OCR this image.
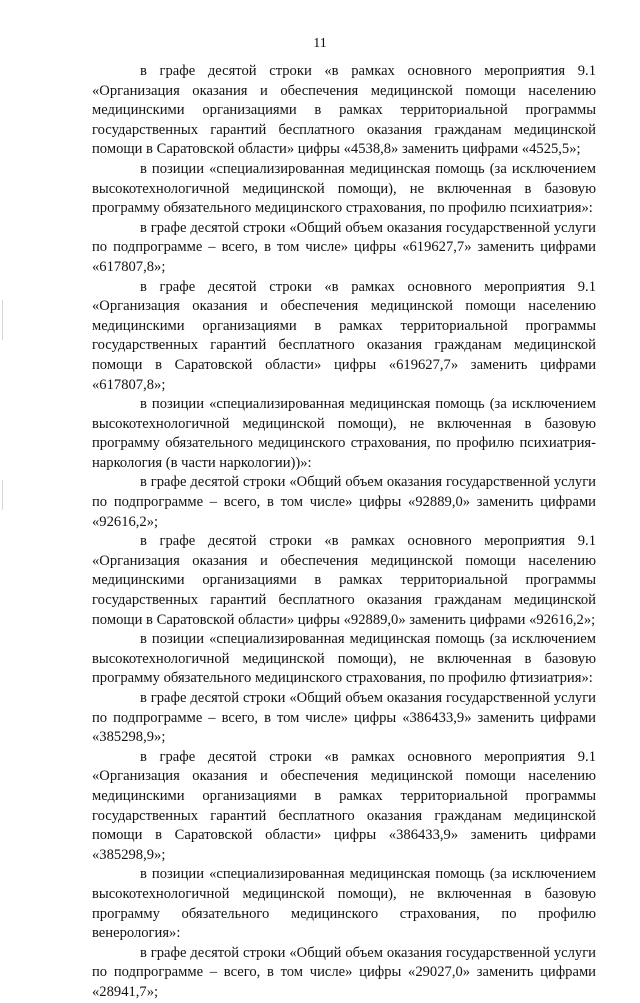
11

в графе десятой строки «в рамках основного мероприятия 9.1 «Организация оказания и обеспечения медицинской помощи населению медицинскими организациями в рамках территориальной программы государственных гарантий бесплатного оказания гражданам медицинской помощи в Саратовской области» цифры «4538,8» заменить цифрами «4525,5»;

в позиции «специализированная медицинская помощь (за исключением высокотехнологичной медицинской помощи), не включенная в базовую программу обязательного медицинского страхования, по профилю психиатрия»:

в графе десятой строки «Общий объем оказания государственной услуги по подпрограмме – всего, в том числе» цифры «619627,7» заменить цифрами «617807,8»;

в графе десятой строки «в рамках основного мероприятия 9.1 «Организация оказания и обеспечения медицинской помощи населению медицинскими организациями в рамках территориальной программы государственных гарантий бесплатного оказания гражданам медицинской помощи в Саратовской области» цифры «619627,7» заменить цифрами «617807,8»;

в позиции «специализированная медицинская помощь (за исключением высокотехнологичной медицинской помощи), не включенная в базовую программу обязательного медицинского страхования, по профилю психиатрия-наркология (в части наркологии))»:

в графе десятой строки «Общий объем оказания государственной услуги по подпрограмме – всего, в том числе» цифры «92889,0» заменить цифрами «92616,2»;

в графе десятой строки «в рамках основного мероприятия 9.1 «Организация оказания и обеспечения медицинской помощи населению медицинскими организациями в рамках территориальной программы государственных гарантий бесплатного оказания гражданам медицинской помощи в Саратовской области» цифры «92889,0» заменить цифрами «92616,2»;

в позиции «специализированная медицинская помощь (за исключением высокотехнологичной медицинской помощи), не включенная в базовую программу обязательного медицинского страхования, по профилю фтизиатрия»:

в графе десятой строки «Общий объем оказания государственной услуги по подпрограмме – всего, в том числе» цифры «386433,9» заменить цифрами «385298,9»;

в графе десятой строки «в рамках основного мероприятия 9.1 «Организация оказания и обеспечения медицинской помощи населению медицинскими организациями в рамках территориальной программы государственных гарантий бесплатного оказания гражданам медицинской помощи в Саратовской области» цифры «386433,9» заменить цифрами «385298,9»;

в позиции «специализированная медицинская помощь (за исключением высокотехнологичной медицинской помощи), не включенная в базовую программу обязательного медицинского страхования, по профилю венерология»:

в графе десятой строки «Общий объем оказания государственной услуги по подпрограмме – всего, в том числе» цифры «29027,0» заменить цифрами «28941,7»;
